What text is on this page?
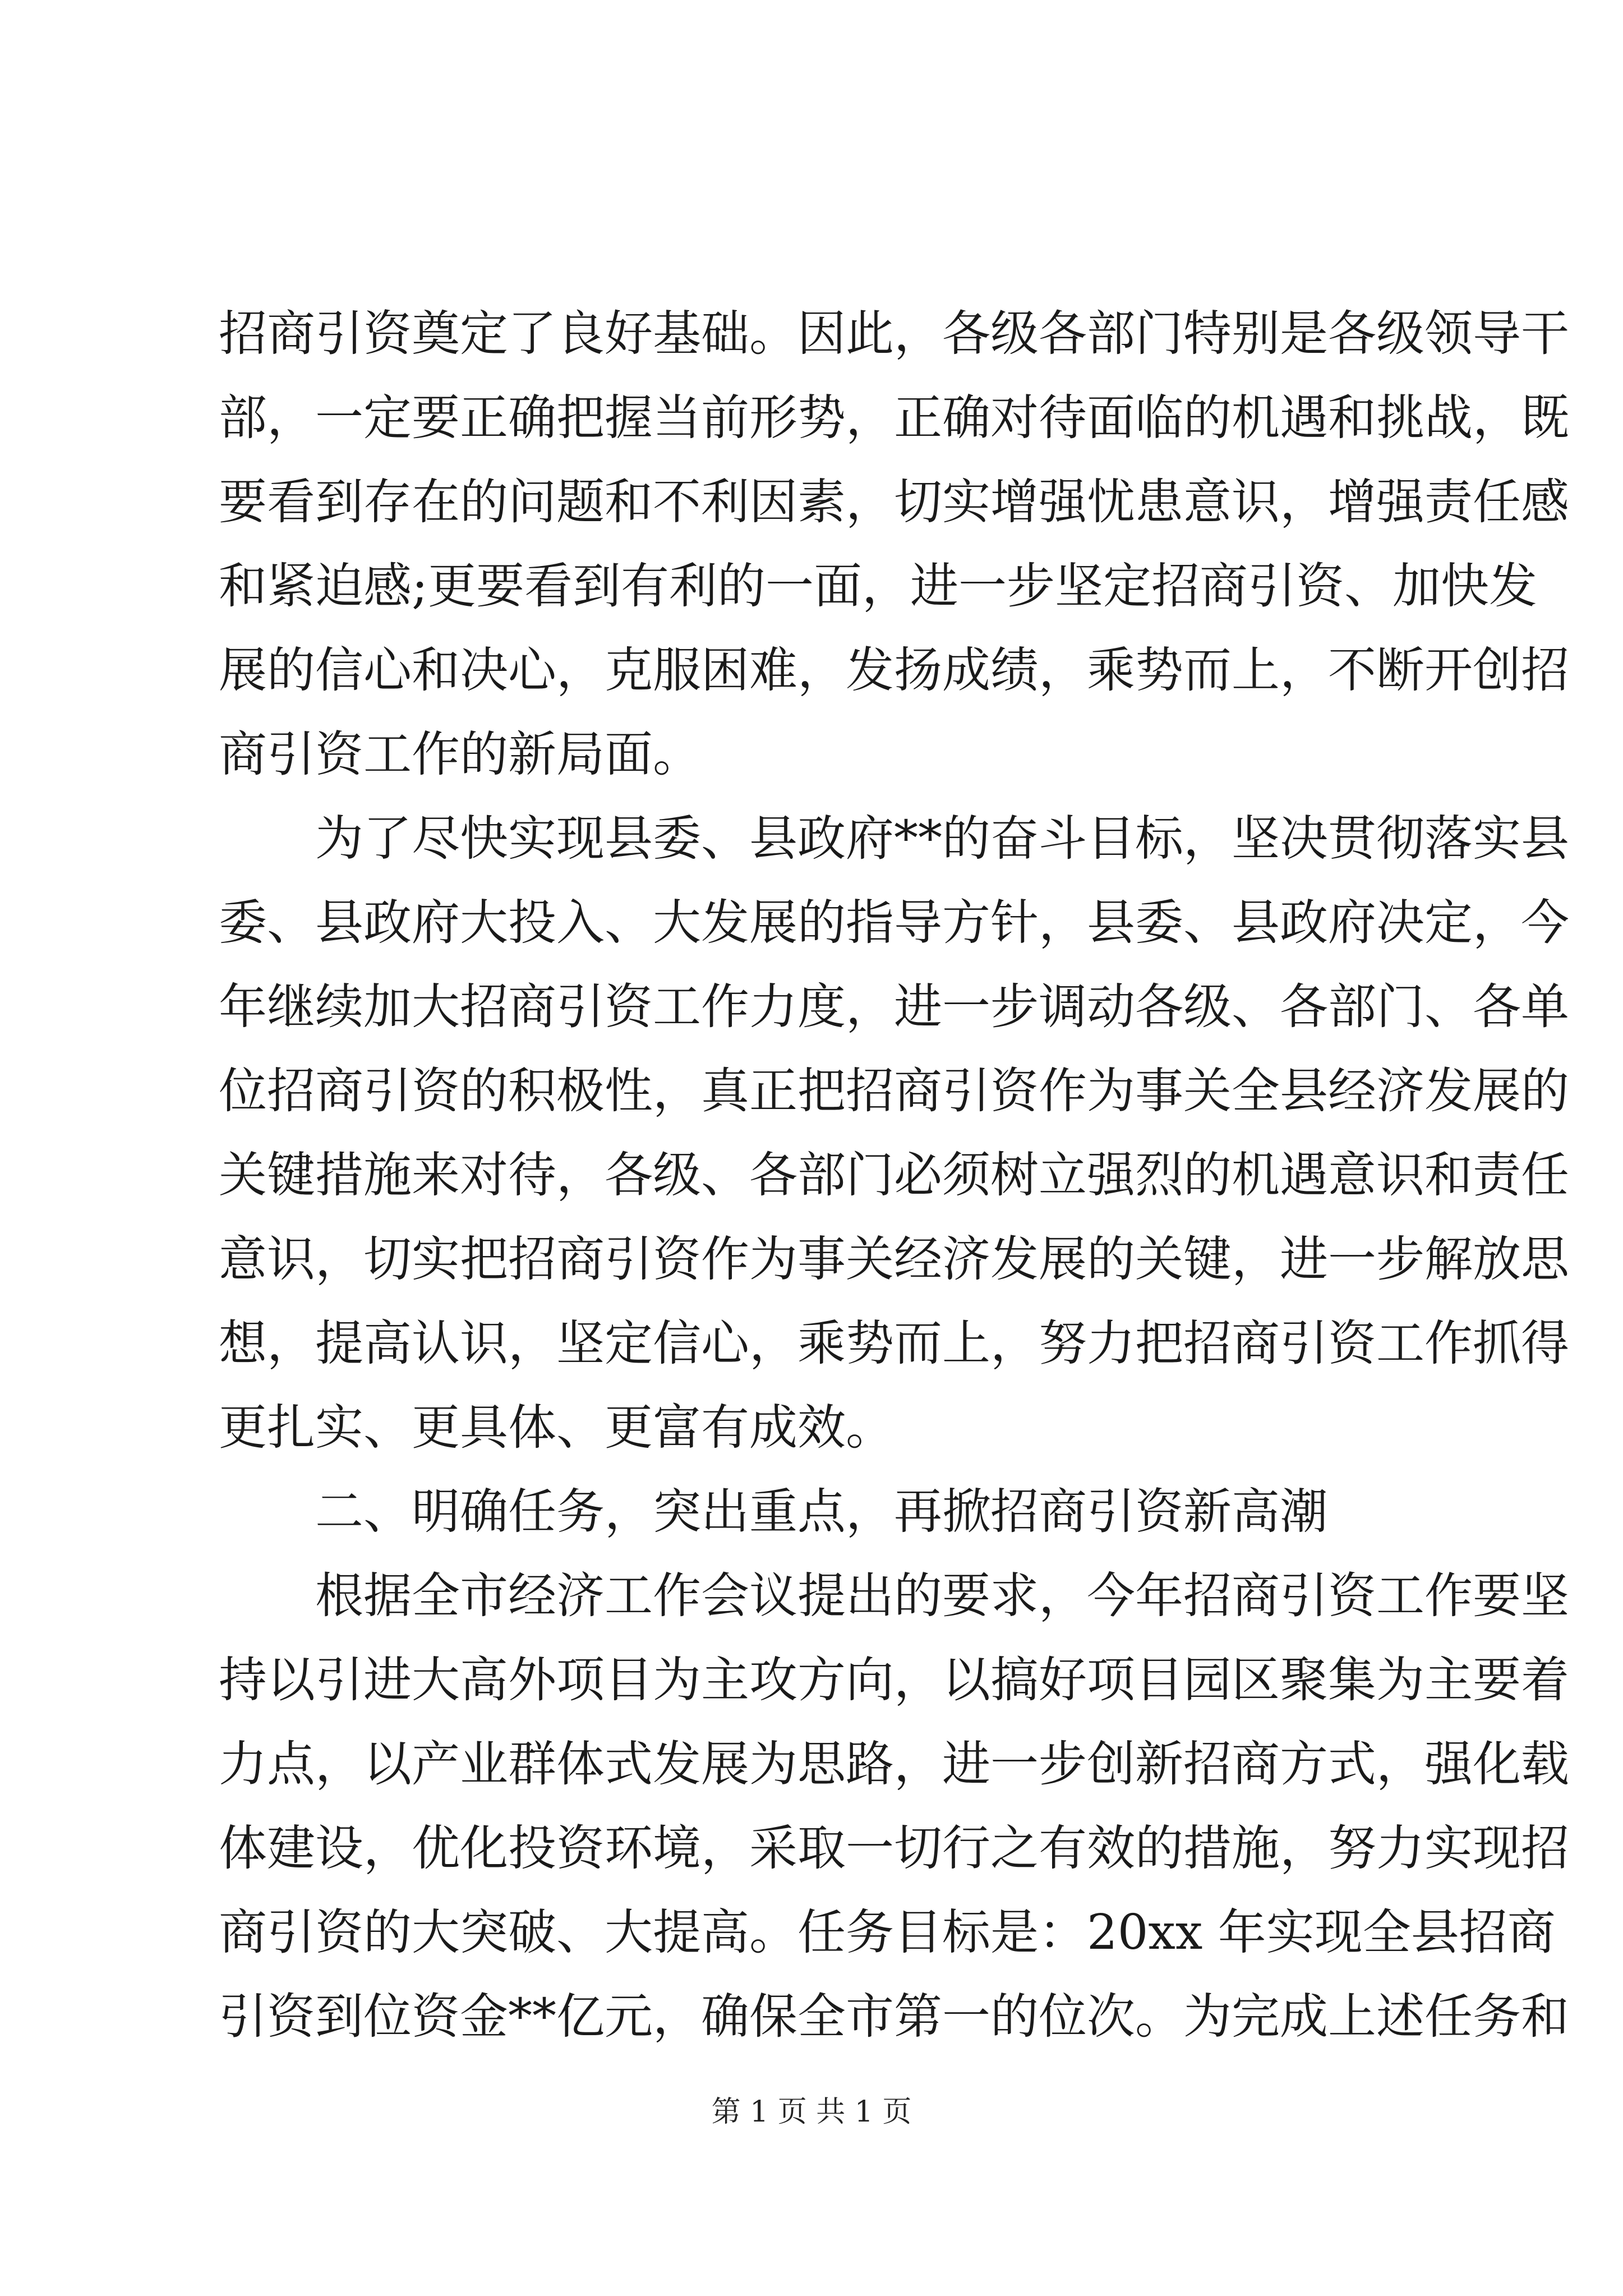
招商引资奠定了良好基础。因此，各级各部门特别是各级领导干
部，一定要正确把握当前形势，正确对待面临的机遇和挑战，既
要看到存在的问题和不利因素，切实增强忧患意识，增强责任感
和紧迫感;更要看到有利的一面，进一步坚定招商引资、加快发
展的信心和决心，克服困难，发扬成绩，乘势而上，不断开创招
商引资工作的新局面。
为了尽快实现县委、县政府**的奋斗目标，坚决贯彻落实县
委、县政府大投入、大发展的指导方针，县委、县政府决定，今
年继续加大招商引资工作力度，进一步调动各级、各部门、各单
位招商引资的积极性，真正把招商引资作为事关全县经济发展的
关键措施来对待，各级、各部门必须树立强烈的机遇意识和责任
意识，切实把招商引资作为事关经济发展的关键，进一步解放思
想，提高认识，坚定信心，乘势而上，努力把招商引资工作抓得
更扎实、更具体、更富有成效。
二、明确任务，突出重点，再掀招商引资新高潮
根据全市经济工作会议提出的要求，今年招商引资工作要坚
持以引进大高外项目为主攻方向，以搞好项目园区聚集为主要着
力点，以产业群体式发展为思路，进一步创新招商方式，强化载
体建设，优化投资环境，采取一切行之有效的措施，努力实现招
商引资的大突破、大提高。任务目标是：20xx 年实现全县招商
引资到位资金**亿元，确保全市第一的位次。为完成上述任务和
第 1 页 共 1 页
